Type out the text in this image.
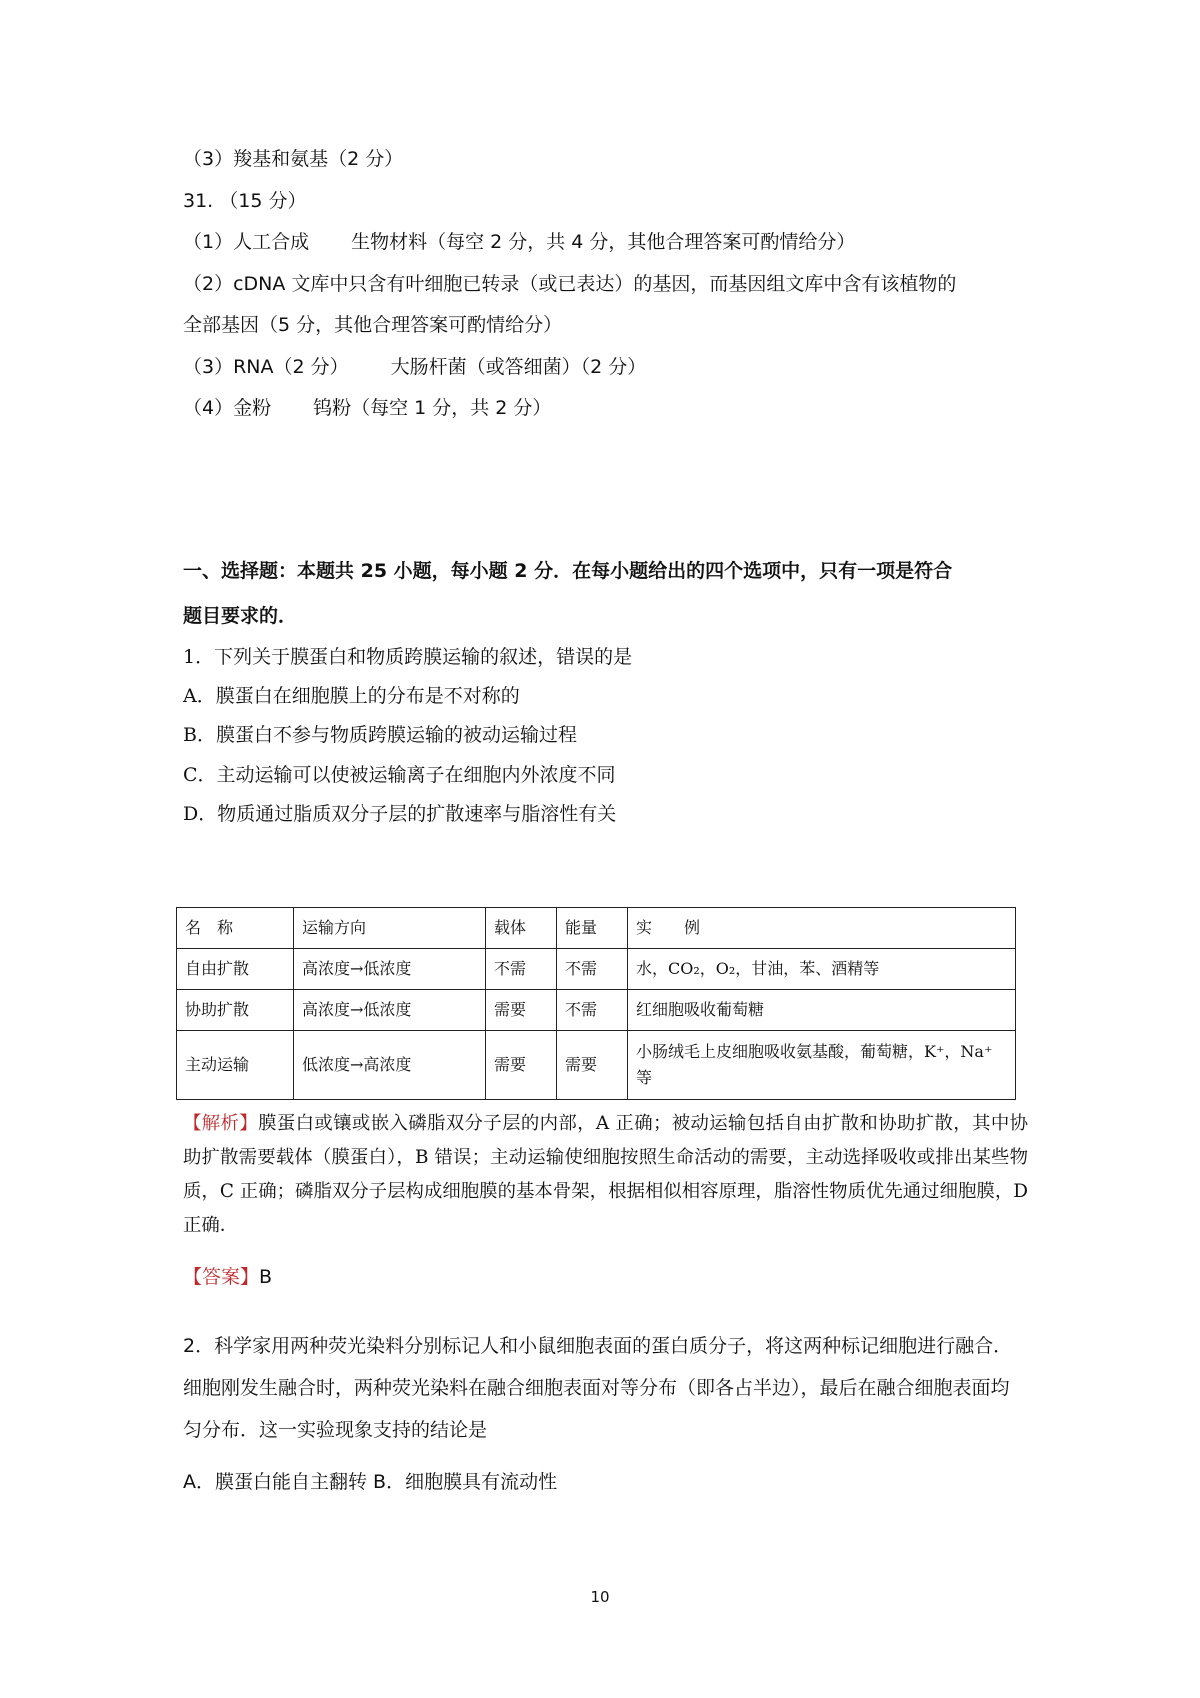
（3）羧基和氨基（2 分）
31. （15 分）
（1）人工合成 生物材料（每空 2 分，共 4 分，其他合理答案可酌情给分）
（2）cDNA 文库中只含有叶细胞已转录（或已表达）的基因，而基因组文库中含有该植物的
全部基因（5 分，其他合理答案可酌情给分）
（3）RNA（2 分） 大肠杆菌（或答细菌）（2 分）
（4）金粉 钨粉（每空 1 分，共 2 分）
一、选择题：本题共 25 小题，每小题 2 分．在每小题给出的四个选项中，只有一项是符合
题目要求的．
1．下列关于膜蛋白和物质跨膜运输的叙述，错误的是
A．膜蛋白在细胞膜上的分布是不对称的
B．膜蛋白不参与物质跨膜运输的被动运输过程
C．主动运输可以使被运输离子在细胞内外浓度不同
D．物质通过脂质双分子层的扩散速率与脂溶性有关
名　称	运输方向	载体	能量	实　　例
自由扩散	高浓度→低浓度	不需	不需	水，CO₂，O₂，甘油，苯、酒精等
协助扩散	高浓度→低浓度	需要	不需	红细胞吸收葡萄糖
主动运输	低浓度→高浓度	需要	需要	小肠绒毛上皮细胞吸收氨基酸，葡萄糖，K⁺，Na⁺等
【解析】膜蛋白或镶或嵌入磷脂双分子层的内部，A 正确；被动运输包括自由扩散和协助扩散，其中协助扩散需要载体（膜蛋白），B 错误；主动运输使细胞按照生命活动的需要，主动选择吸收或排出某些物质，C 正确；磷脂双分子层构成细胞膜的基本骨架，根据相似相容原理，脂溶性物质优先通过细胞膜，D 正确．
【答案】B
2．科学家用两种荧光染料分别标记人和小鼠细胞表面的蛋白质分子，将这两种标记细胞进行融合．细胞刚发生融合时，两种荧光染料在融合细胞表面对等分布（即各占半边），最后在融合细胞表面均匀分布．这一实验现象支持的结论是
A．膜蛋白能自主翻转 B．细胞膜具有流动性
10
